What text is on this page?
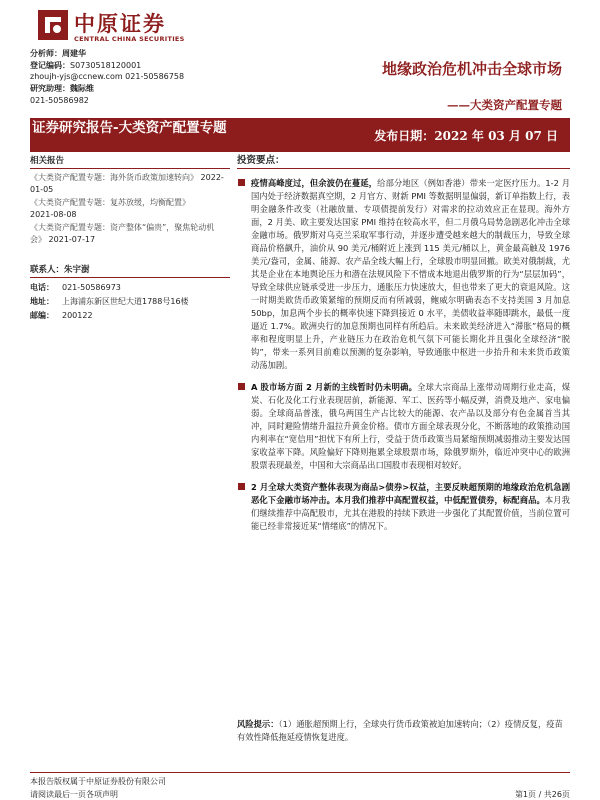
中原证券
CENTRAL CHINA SECURITIES
分析师：周建华
登记编码：S0730518120001
zhoujh-yjs@ccnew.com 021-50586758
研究助理：魏际维
021-50586982
地缘政治危机冲击全球市场
——大类资产配置专题
证券研究报告-大类资产配置专题	发布日期：2022 年 03 月 07 日
相关报告
《大类资产配置专题：海外货币政策加速转向》 2022-01-05
《大类资产配置专题：复苏放缓，均衡配置》
2021-08-08
《大类资产配置专题：资产整体“偏贵”，聚焦轮动机会》 2021-07-17
联系人：朱宇澍
电话：	021-50586973
地址：	上海浦东新区世纪大道1788号16楼
邮编：	200122
投资要点：
疫情高峰度过，但余波仍在蔓延，给部分地区（例如香港）带来一定医疗压力。1-2 月国内处于经济数据真空期，2 月官方、财新 PMI 等数据明显偏弱，新订单指数上行，表明金融条件改变（社融放量、专项债提前发行）对需求的拉动效应正在显现。海外方面，2 月美、欧主要发达国家 PMI 维持在较高水平，但二月俄乌局势急剧恶化冲击全球金融市场。俄罗斯对乌克兰采取军事行动，并逐步遭受越来越大的制裁压力，导致全球商品价格飙升，油价从 90 美元/桶附近上涨到 115 美元/桶以上，黄金最高触及 1976 美元/盎司，金属、能源、农产品全线大幅上行，全球股市明显回撤。欧美对俄制裁，尤其是企业在本地舆论压力和潜在法规风险下不惜成本地退出俄罗斯的行为“层层加码”，导致全球供应链承受进一步压力，通胀压力快速放大，但也带来了更大的衰退风险。这一时期美欧货币政策紧缩的预期反而有所减弱，鲍威尔明确表态不支持美国 3 月加息 50bp，加息两个步长的概率快速下降到接近 0 水平，美债收益率随即跳水，最低一度逼近 1.7%。欧洲央行的加息预期也同样有所趋后。未来欧美经济进入“滞胀”格局的概率和程度明显上升，产业链压力在政治危机气氛下可能长期化并且强化全球经济“脱钩”，带来一系列目前难以预测的复杂影响，导致通胀中枢进一步抬升和未来货币政策动荡加剧。
A 股市场方面 2 月新的主线暂时仍未明确。全球大宗商品上涨带动周期行业走高，煤炭、石化及化工行业表现居前，新能源、军工、医药等小幅反弹，消费及地产、家电偏弱。全球商品普涨，俄乌两国生产占比较大的能源、农产品以及部分有色金属首当其冲，同时避险情绪升温拉升黄金价格。债市方面全球表现分化，不断落地的政策推动国内利率在“宽信用”担忧下有所上行，受益于货币政策当局紧缩预期减弱推动主要发达国家收益率下降。风险偏好下降则拖累全球股票市场，除俄罗斯外，临近冲突中心的欧洲股票表现最差，中国和大宗商品出口国股市表现相对较好。
2 月全球大类资产整体表现为商品>债券>权益，主要反映超预期的地缘政治危机急剧恶化下金融市场冲击。本月我们推荐中高配置权益，中低配置债券，标配商品。本月我们继续推荐中高配股市，尤其在港股的持续下跌进一步强化了其配置价值，当前位置可能已经非常接近某“情绪底”的情况下。
风险提示：（1）通胀超预期上行，全球央行货币政策被迫加速转向；（2）疫情反复，疫苗有效性降低拖延疫情恢复进度。
本报告版权属于中原证券股份有限公司
请阅读最后一页各项声明	第1页 / 共26页
